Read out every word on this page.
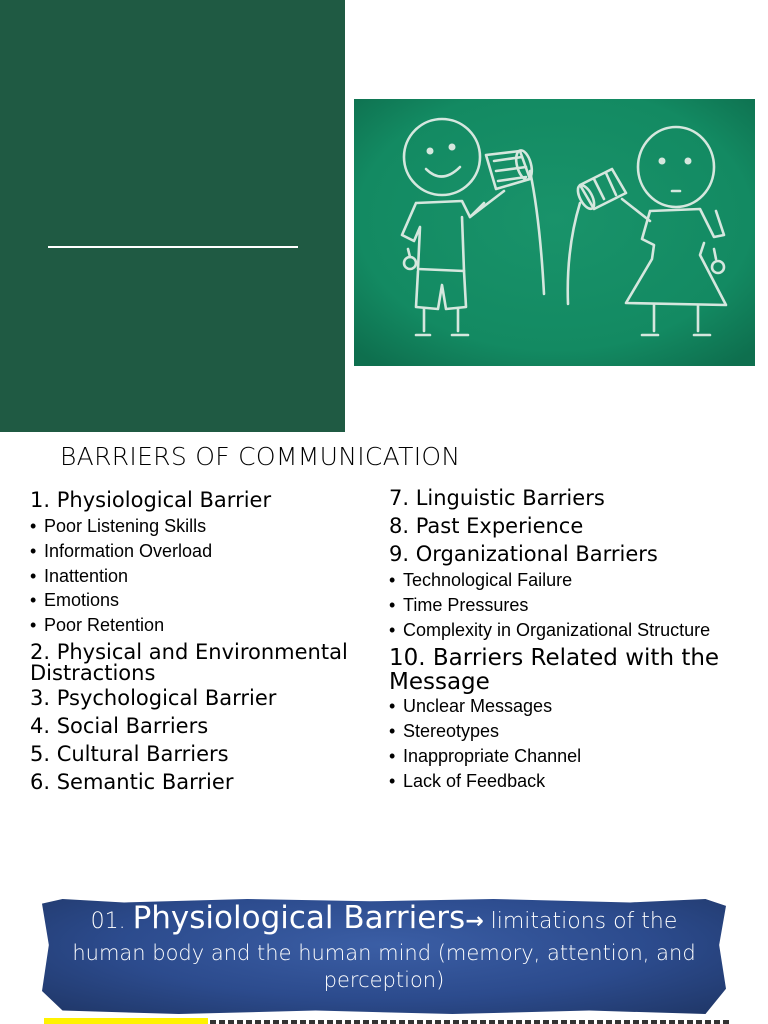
BARRIERS OF COMMUNICATION
1. Physiological Barrier
• Poor Listening Skills
• Information Overload
• Inattention
• Emotions
• Poor Retention
2. Physical and Environmental Distractions
3. Psychological Barrier
4. Social Barriers
5. Cultural Barriers
6. Semantic Barrier
7. Linguistic Barriers
8. Past Experience
9. Organizational Barriers
• Technological Failure
• Time Pressures
• Complexity in Organizational Structure
10. Barriers Related with the Message
• Unclear Messages
• Stereotypes
• Inappropriate Channel
• Lack of Feedback
01. Physiological Barriers→ limitations of the
human body and the human mind (memory, attention, and perception)
